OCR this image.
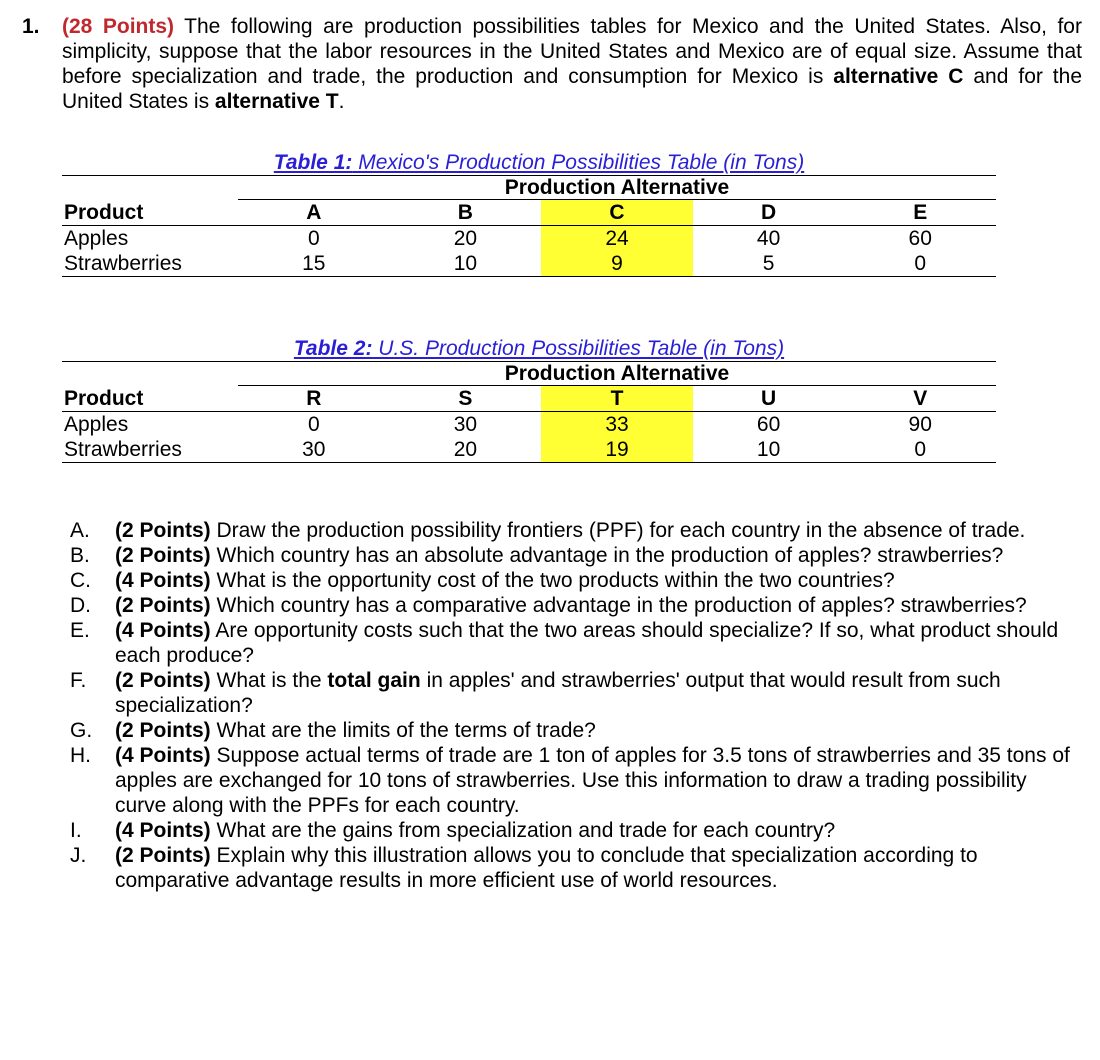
1. (28 Points) The following are production possibilities tables for Mexico and the United States. Also, for simplicity, suppose that the labor resources in the United States and Mexico are of equal size. Assume that before specialization and trade, the production and consumption for Mexico is alternative C and for the United States is alternative T.
Table 1: Mexico's Production Possibilities Table (in Tons)
Production Alternative
Product	A	B	C	D	E
Apples	0	20	24	40	60
Strawberries	15	10	9	5	0
Table 2: U.S. Production Possibilities Table (in Tons)
Production Alternative
Product	R	S	T	U	V
Apples	0	30	33	60	90
Strawberries	30	20	19	10	0
A.	(2 Points) Draw the production possibility frontiers (PPF) for each country in the absence of trade.
B.	(2 Points) Which country has an absolute advantage in the production of apples? strawberries?
C.	(4 Points) What is the opportunity cost of the two products within the two countries?
D.	(2 Points) Which country has a comparative advantage in the production of apples? strawberries?
E.	(4 Points) Are opportunity costs such that the two areas should specialize? If so, what product should each produce?
F.	(2 Points) What is the total gain in apples' and strawberries' output that would result from such specialization?
G.	(2 Points) What are the limits of the terms of trade?
H.	(4 Points) Suppose actual terms of trade are 1 ton of apples for 3.5 tons of strawberries and 35 tons of apples are exchanged for 10 tons of strawberries. Use this information to draw a trading possibility curve along with the PPFs for each country.
I.	(4 Points) What are the gains from specialization and trade for each country?
J.	(2 Points) Explain why this illustration allows you to conclude that specialization according to comparative advantage results in more efficient use of world resources.
